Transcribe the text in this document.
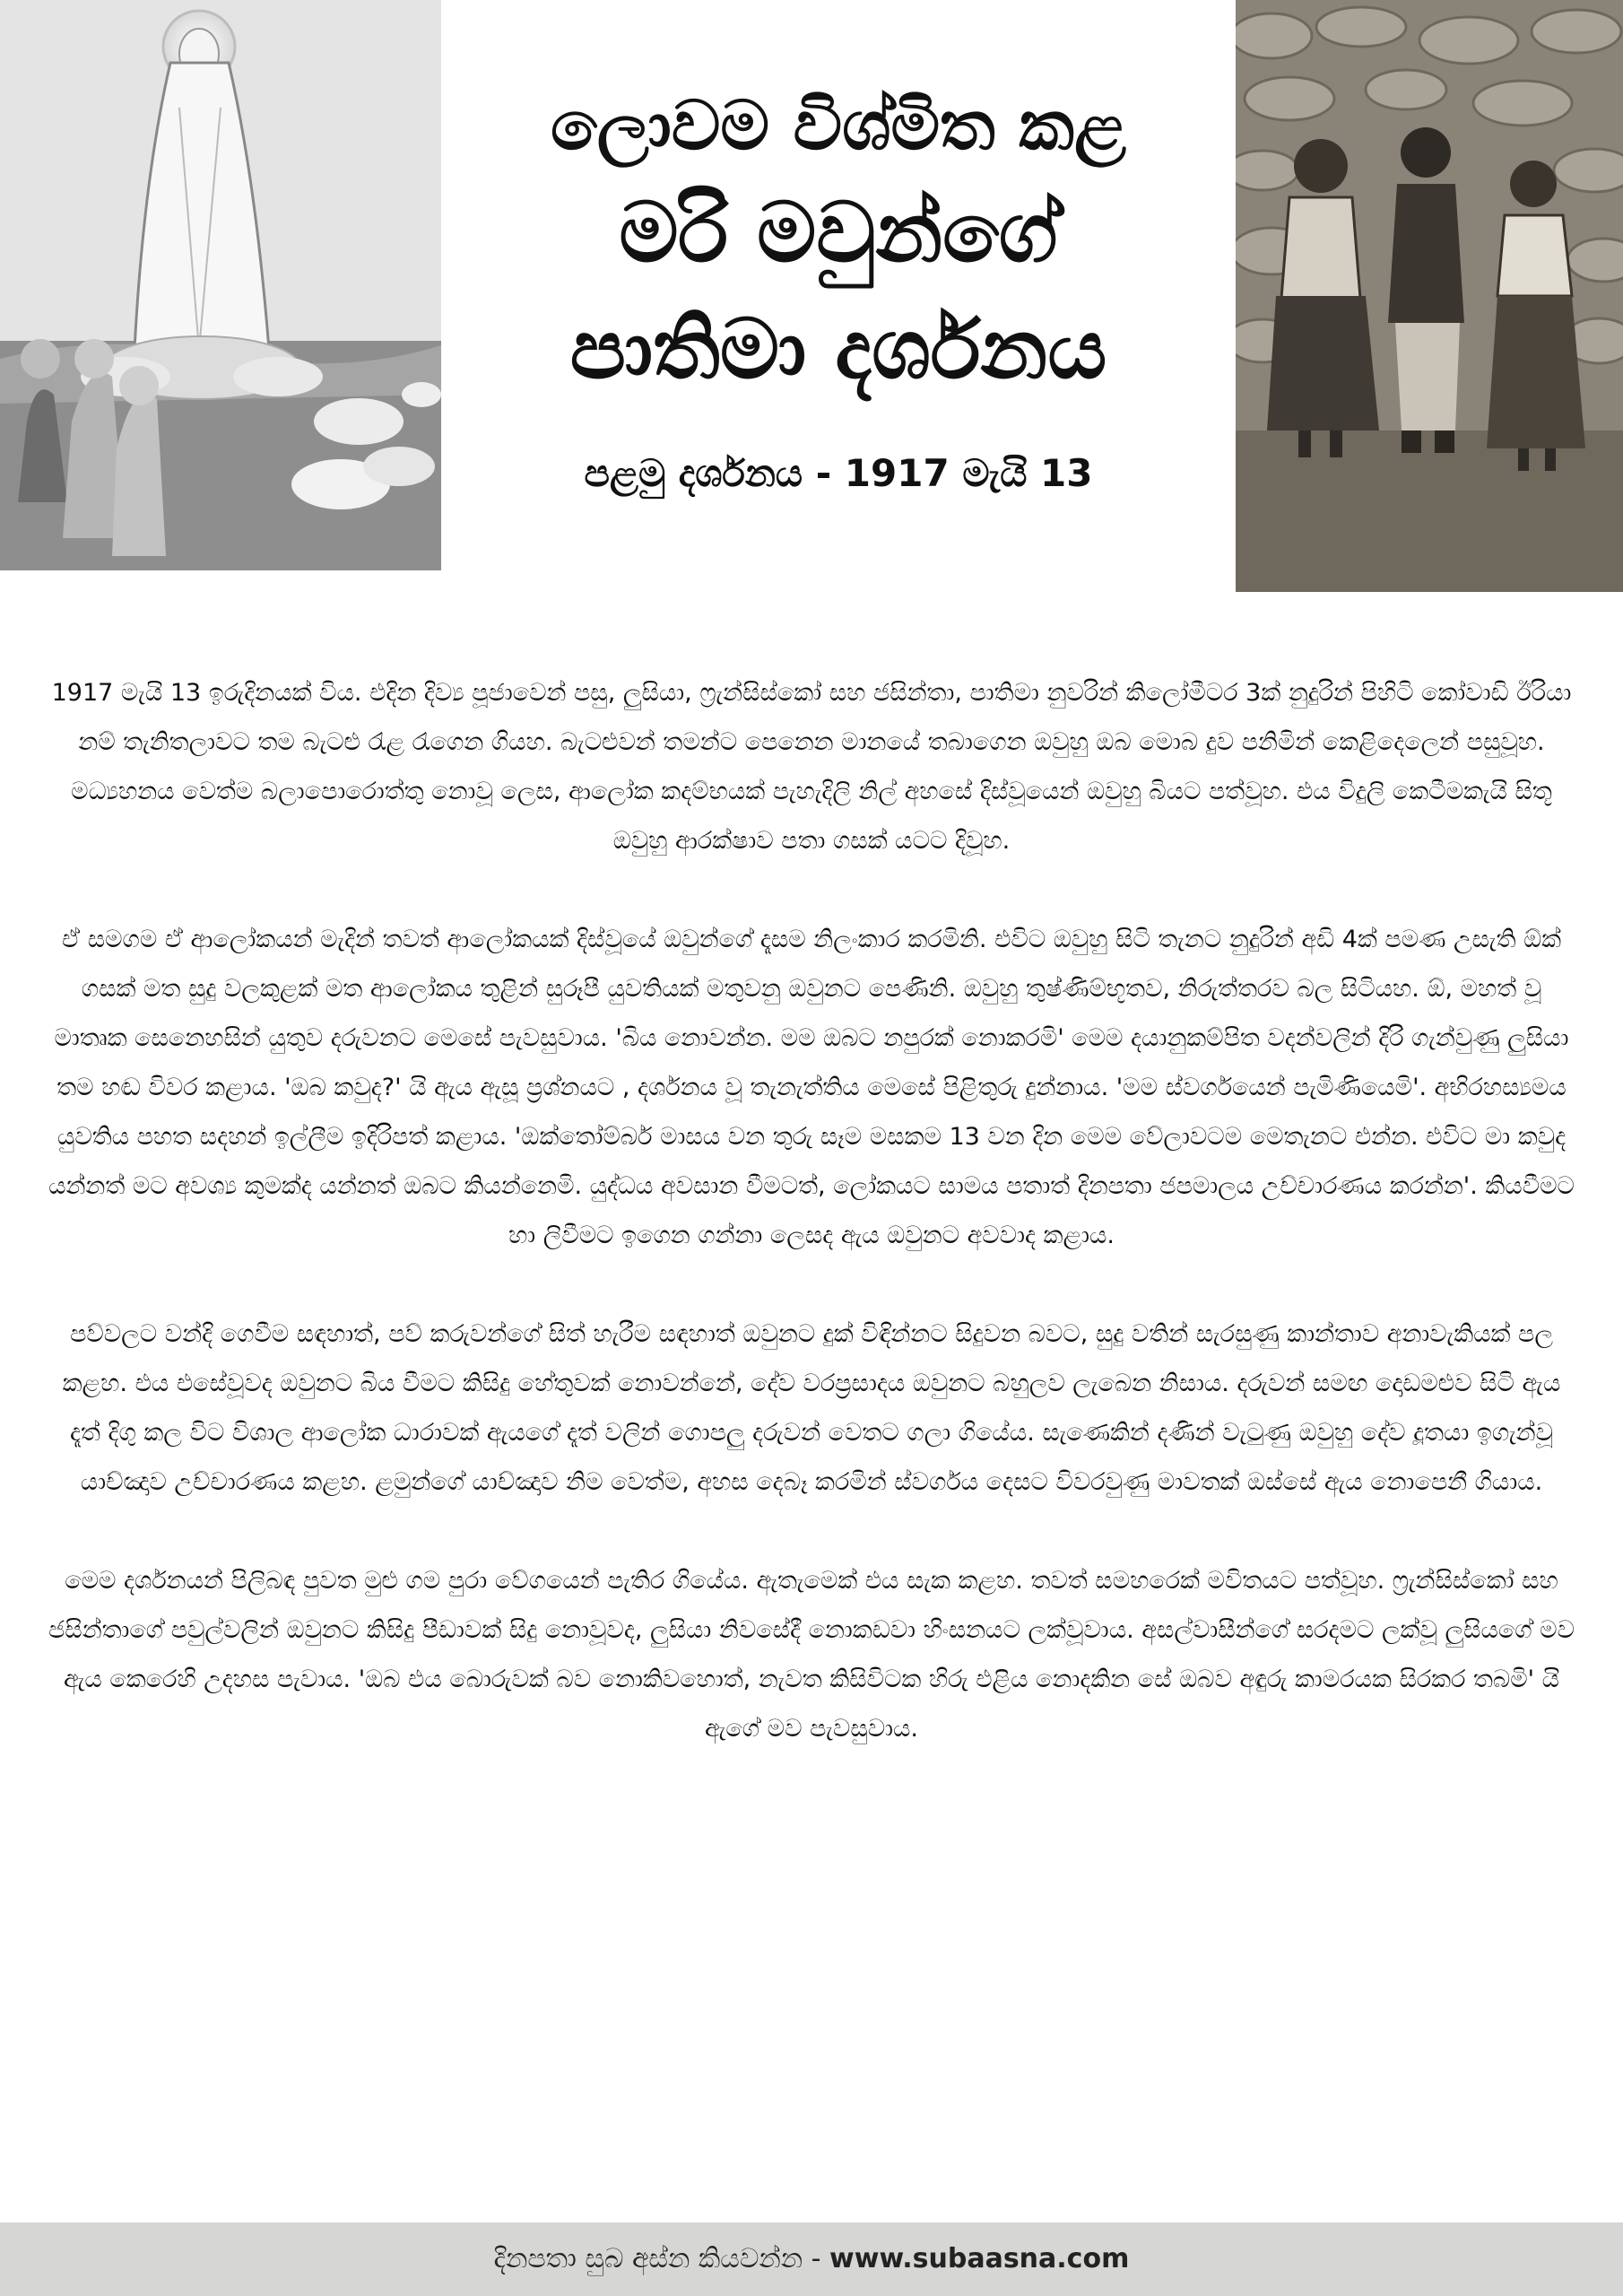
ලොවම විශ්මිත කළ
මරි මවුන්ගේ
පාතිමා දර්ශනය
පළමු දර්ශනය - 1917 මැයි 13

1917 මැයි 13 ඉරුදිනයක් විය. එදින දිව්‍ය පූජාවෙන් පසු, ලුසියා, ෆ්‍රැන්සිස්කෝ සහ ජසින්තා, පාතිමා නුවරින් කිලෝමීටර 3ක් නුදුරින් පිහිටි කෝවාඩි ඊරියා නම් තැනිතලාවට තම බැටළු රැළ රැගෙන ගියහ. බැටළුවන් තමන්ට පෙනෙන මානයේ තබාගෙන ඔවුහු ඔබ මොබ දුව පනිමින් කෙළිදෙලෙන් පසුවූහ. මධ්‍යහනය වෙත්ම බලාපොරොත්තු නොවූ ලෙස, ආලෝක කදම්භයක් පැහැදිලි නිල් අහසේ දිස්වූයෙන් ඔවුහු බියට පත්වූහ. එය විදුලි කෙටීමකැයි සිතූ ඔවුහු ආරක්ෂාව පතා ගසක් යටට දිවූහ.

ඒ සමගම ඒ ආලෝකයන් මැදින් තවත් ආලෝකයක් දිස්වූයේ ඔවුන්ගේ දෑසම නිලංකාර කරමිනි. එවිට ඔවුහු සිටි තැනට නුදුරින් අඩි 4ක් පමණ උසැති ඕක් ගසක් මත සුදු වලකුළක් මත ආලෝකය තුළින් සුරූපී යුවතියක් මතුවනු ඔවුනට පෙණිනි. ඔවුහු තුෂ්ණිම්භූතව, නිරුත්තරව බල සිටියහ. ඕ, මහත් වූ මාතෘක සෙනෙහසින් යුතුව දරුවනට මෙසේ පැවසුවාය. 'බිය නොවන්න. මම ඔබට නපුරක් නොකරමි' මෙම දයානුකම්පිත වදන්වලින් දිරි ගැන්වුණු ලුසියා තම හඬ විවර කළාය. 'ඔබ කවුද?' යි ඇය ඇසූ ප්‍රශ්නයට , දර්ශනය වූ තැනැත්තිය මෙසේ පිළිතුරු දුන්නාය. 'මම ස්වර්ගයෙන් පැමිණියෙමි'. අභිරහස්‍යමය යුවතිය පහත සදහන් ඉල්ලීම ඉදිරිපත් කළාය. 'ඔක්තෝම්බර් මාසය වන තුරු සෑම මසකම 13 වන දින මෙම වේලාවටම මෙතැනට එන්න. එවිට මා කවුද යන්නත් මට අවශ්‍ය කුමක්ද යන්නත් ඔබට කියන්නෙමි. යුද්ධය අවසාන වීමටත්, ලෝකයට සාමය පතාත් දිනපතා ජපමාලය උච්චාරණය කරන්න'. කියවීමට හා ලිවීමට ඉගෙන ගන්නා ලෙසද ඇය ඔවුනට අවවාද කළාය.

පව්වලට වන්දි ගෙවීම සඳහාත්, පව් කරුවන්ගේ සිත් හැරීම සඳහාත් ඔවුනට දුක් විඳින්නට සිදුවන බවට, සුදු වතින් සැරසුණු කාන්තාව අනාවැකියක් පල කළහ. එය එසේවූවද ඔවුනට බිය වීමට කිසිදු හේතුවක් නොවන්නේ, දේව වරප්‍රසාදය ඔවුනට බහුලව ලැබෙන නිසාය. දරුවන් සමඟ දොඩමළුව සිටි ඇය දෑත් දිගු කල විට විශාල ආලෝක ධාරාවක් ඇයගේ දෑත් වලින් ගොපලු දරුවන් වෙතට ගලා ගියේය. සැණෙකින් දණින් වැටුණු ඔවුහු දේව දූතයා ඉගැන්වූ යාච්ඤාව උච්චාරණය කළහ. ළමුන්ගේ යාච්ඤාව නිම වෙත්ම, අහස දෙබෑ කරමින් ස්වර්ගය දෙසට විවරවුණු මාවතක් ඔස්සේ ඇය නොපෙනී ගියාය.

මෙම දර්ශනයන් පිලිබඳ පුවත මුළු ගම පුරා වේගයෙන් පැතිර ගියේය. ඇතැමෙක් එය සැක කළහ. තවත් සමහරෙක් මවිතයට පත්වූහ. ෆ්‍රැන්සිස්කෝ සහ ජසින්තාගේ පවුල්වලින් ඔවුනට කිසිදු පීඩාවක් සිදු නොවූවද, ලුසියා නිවසේදී නොකඩවා හිංසනයට ලක්වූවාය. අසල්වාසීන්ගේ සරදමට ලක්වූ ලුසියගේ මව ඇය කෙරෙහි උදහස පැවාය. 'ඔබ එය බොරුවක් බව නොකිවහොත්, නැවත කිසිවිටක හිරු එළිය නොදකින සේ ඔබව අඳුරු කාමරයක සිරකර තබමි' යි ඇගේ මව පැවසුවාය.

දිනපතා සුබ අස්න කියවන්න - www.subaasna.com
